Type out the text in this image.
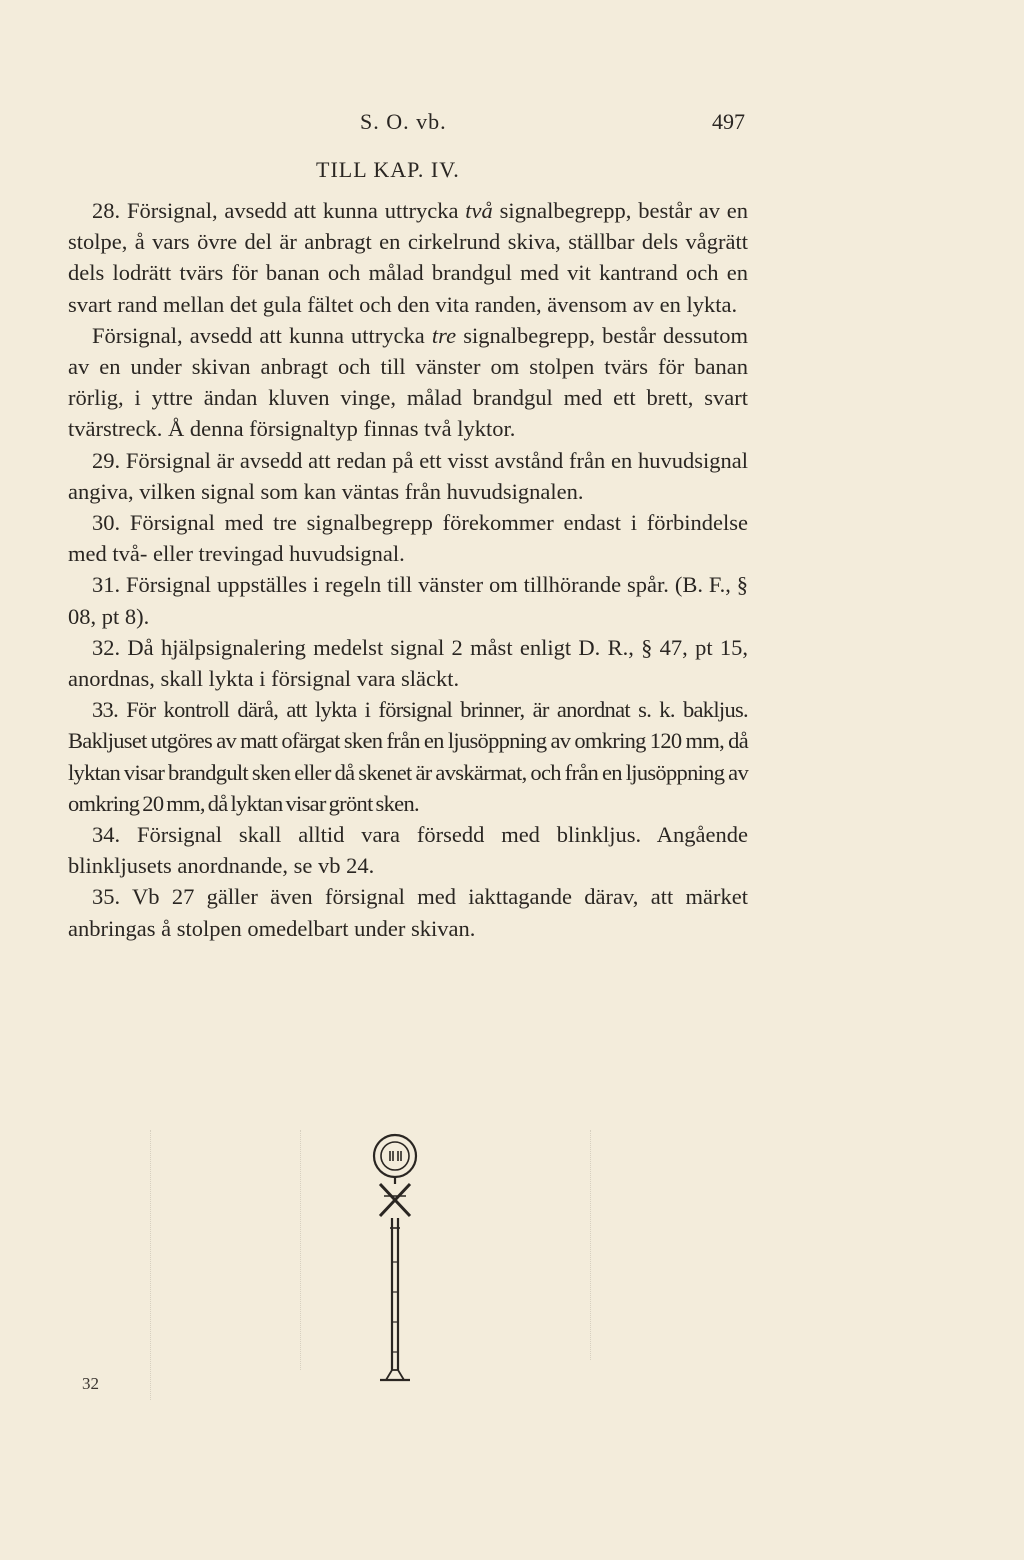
S. O. vb.	497
TILL KAP. IV.

28. Försignal, avsedd att kunna uttrycka två signalbegrepp, består av en stolpe, å vars övre del är anbragt en cirkelrund skiva, ställbar dels vågrätt dels lodrätt tvärs för banan och målad brandgul med vit kantrand och en svart rand mellan det gula fältet och den vita randen, ävensom av en lykta.

Försignal, avsedd att kunna uttrycka tre signalbegrepp, består dessutom av en under skivan anbragt och till vänster om stolpen tvärs för banan rörlig, i yttre ändan kluven vinge, målad brandgul med ett brett, svart tvärstreck. Å denna försignaltyp finnas två lyktor.

29. Försignal är avsedd att redan på ett visst avstånd från en huvudsignal angiva, vilken signal som kan väntas från huvudsignalen.

30. Försignal med tre signalbegrepp förekommer endast i förbindelse med två- eller trevingad huvudsignal.

31. Försignal uppställes i regeln till vänster om tillhörande spår. (B. F., § 08, pt 8).

32. Då hjälpsignalering medelst signal 2 måst enligt D. R., § 47, pt 15, anordnas, skall lykta i försignal vara släckt.

33. För kontroll därå, att lykta i försignal brinner, är anordnat s. k. bakljus. Bakljuset utgöres av matt ofärgat sken från en ljusöppning av omkring 120 mm, då lyktan visar brandgult sken eller då skenet är avskärmat, och från en ljusöppning av omkring 20 mm, då lyktan visar grönt sken.

34. Försignal skall alltid vara försedd med blinkljus. Angående blinkljusets anordnande, se vb 24.

35. Vb 27 gäller även försignal med iakttagande därav, att märket anbringas å stolpen omedelbart under skivan.

32
